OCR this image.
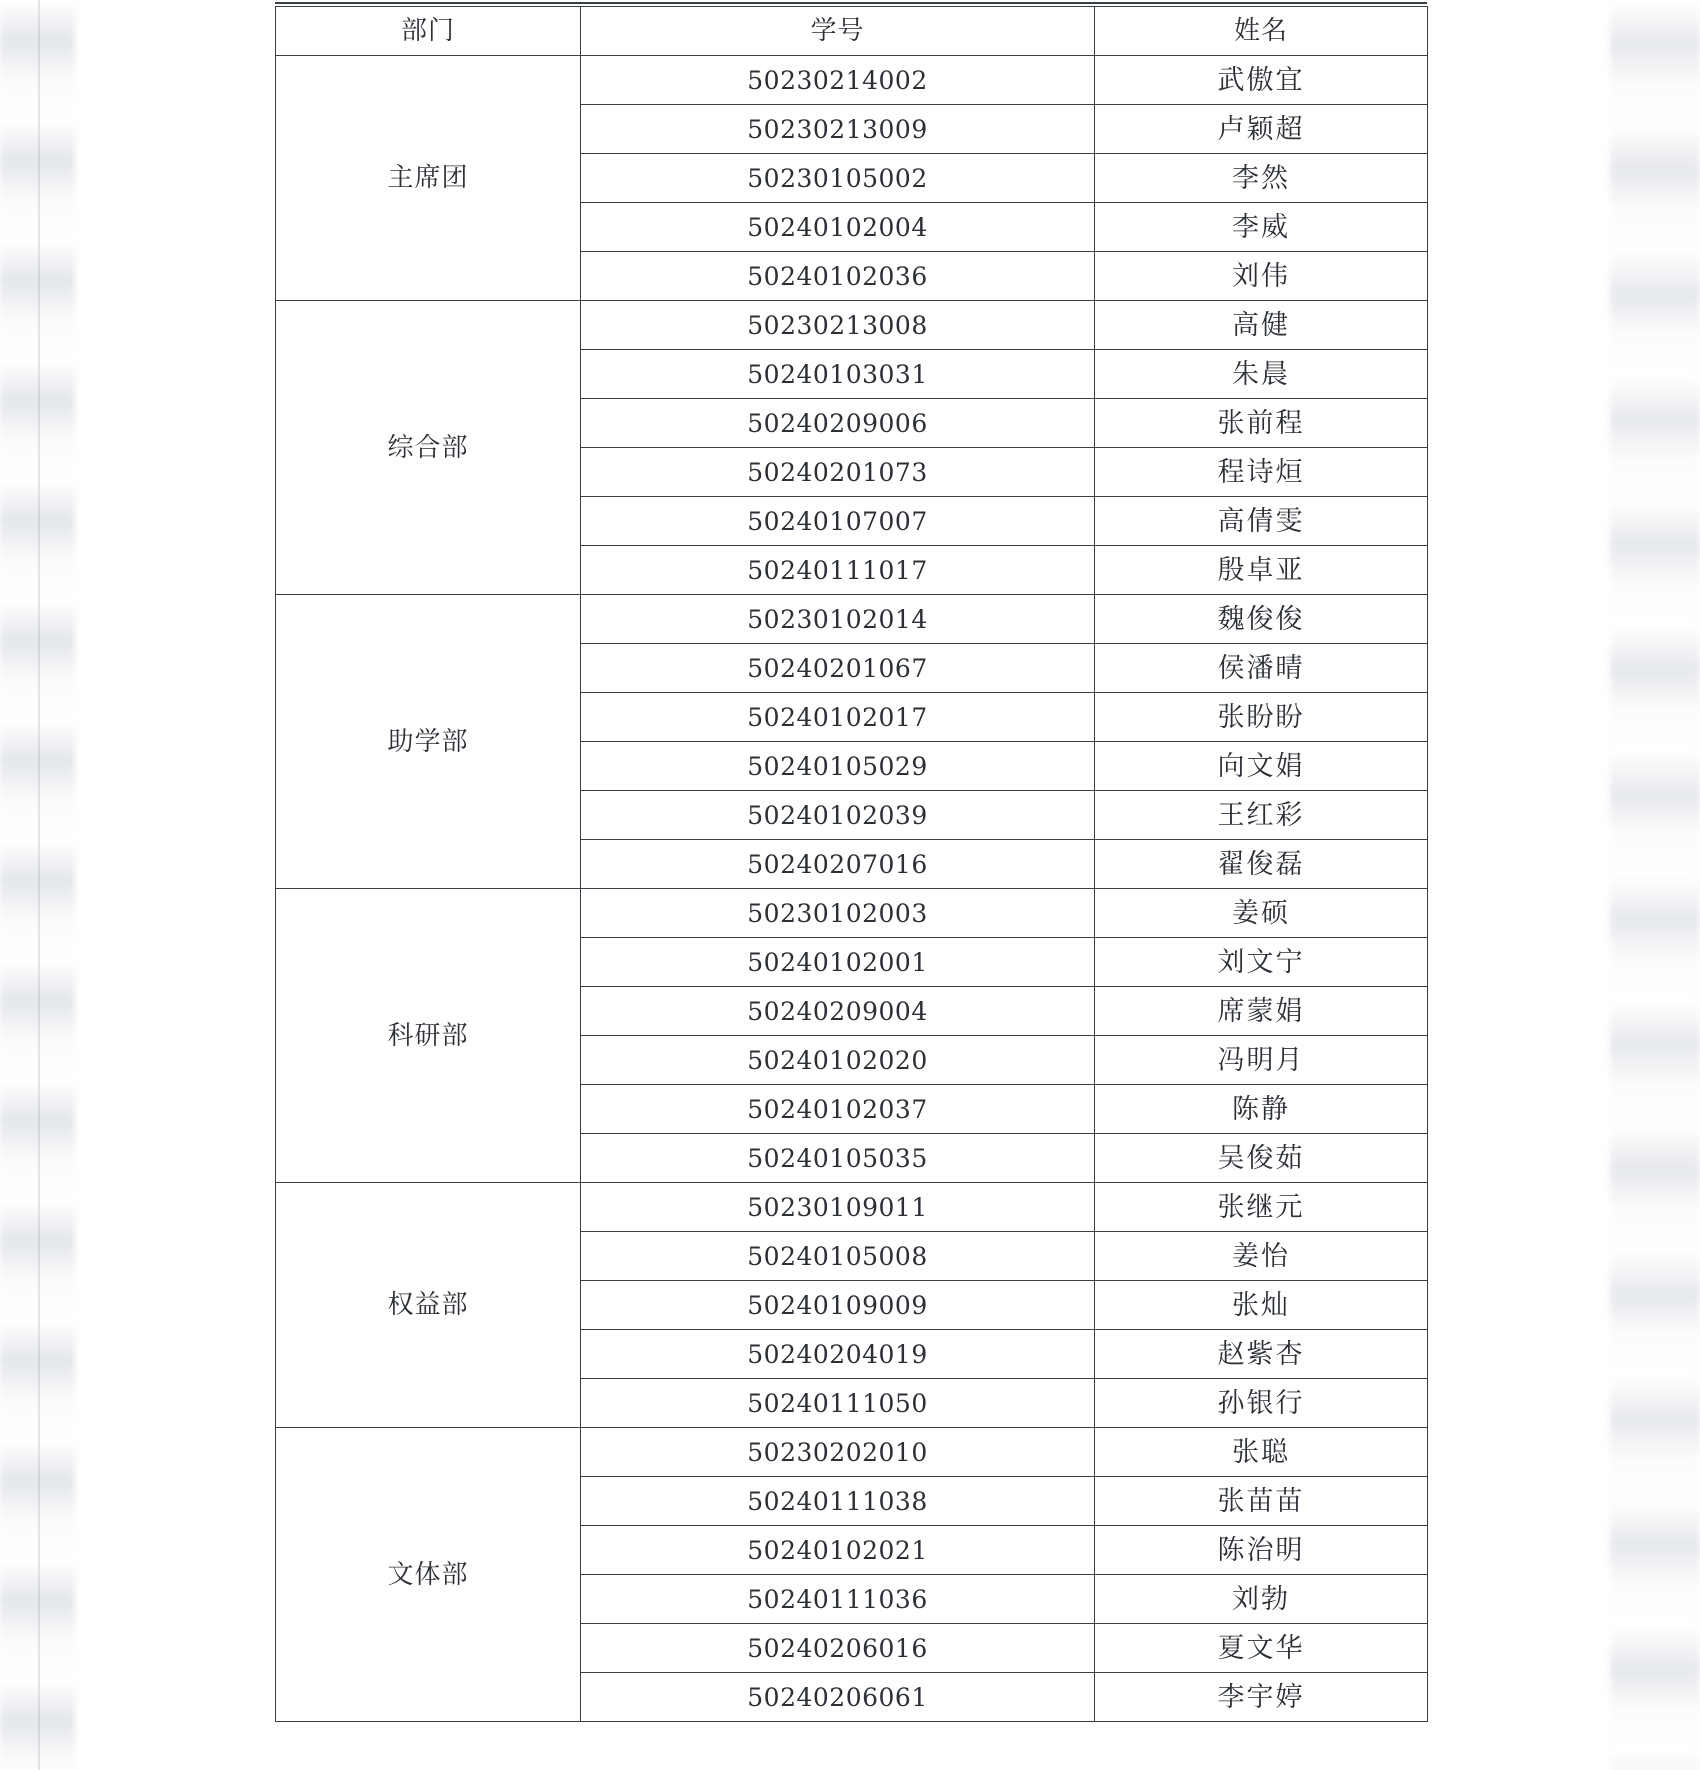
部门	学号	姓名
主席团	50230214002	武傲宜
	50230213009	卢颖超
	50230105002	李然
	50240102004	李威
	50240102036	刘伟
综合部	50230213008	高健
	50240103031	朱晨
	50240209006	张前程
	50240201073	程诗烜
	50240107007	高倩雯
	50240111017	殷卓亚
助学部	50230102014	魏俊俊
	50240201067	侯潘晴
	50240102017	张盼盼
	50240105029	向文娟
	50240102039	王红彩
	50240207016	翟俊磊
科研部	50230102003	姜硕
	50240102001	刘文宁
	50240209004	席蒙娟
	50240102020	冯明月
	50240102037	陈静
	50240105035	吴俊茹
权益部	50230109011	张继元
	50240105008	姜怡
	50240109009	张灿
	50240204019	赵紫杏
	50240111050	孙银行
文体部	50230202010	张聪
	50240111038	张苗苗
	50240102021	陈治明
	50240111036	刘勃
	50240206016	夏文华
	50240206061	李宇婷
